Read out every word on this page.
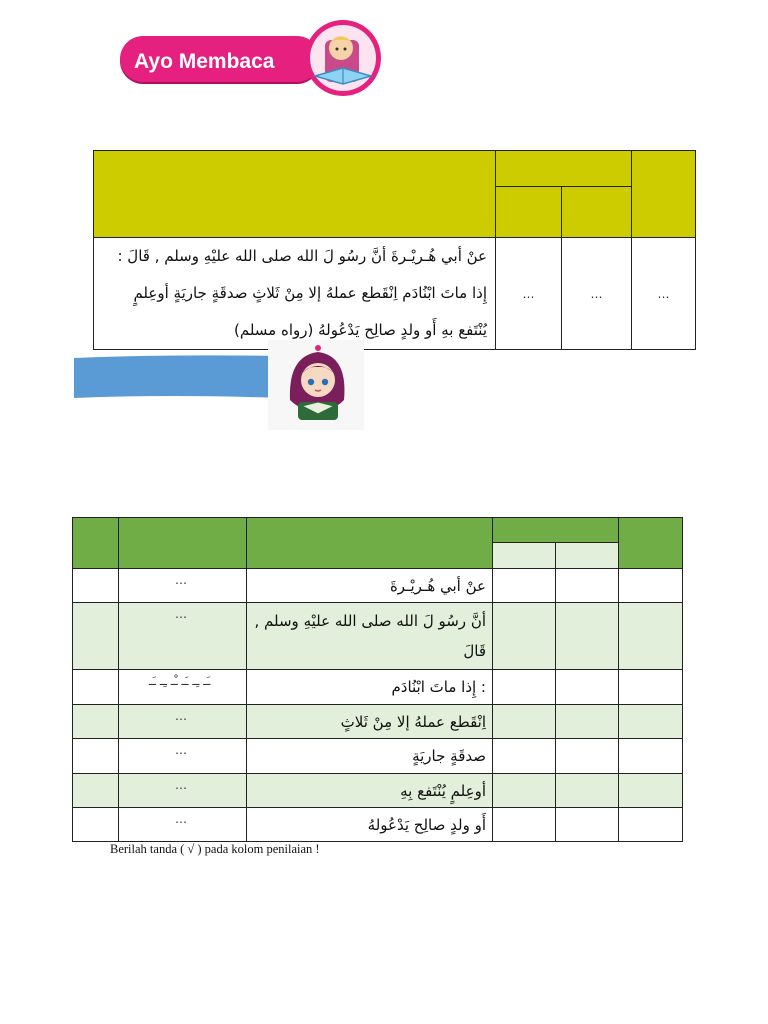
Ayo Membaca

عنْ أبي هُـريْـرةَ أنَّ رسُو لَ الله صلى الله عليْهِ وسلم , قَالَ :
إِذا ماتَ ابْنُادَم اِنْقَطع عملهُ إلا مِنْ ثَلاثٍ صدقَةٍ جاريَةٍ أوعِلمٍ
يُنْتَفع بهِ أَو ولدٍ صالِح يَدْعُولهُ (رواه مسلم)	…	…	…

	…	عنْ أبي هُـريْـرةَ			
	…	أنَّ رسُو لَ الله صلى الله عليْهِ وسلم ,
قَالَ			

	ـَـ ـِـ ـَـ ـْـ ـِـ ـَـ	: إِذا ماتَ ابْنُادَم			
	…	اِنْقَطع عملهُ إلا مِنْ ثَلاثٍ			
	…	صدقَةٍ جاريَةٍ			
	…	أوعِلمٍ يُنْتَفع بِهِ			
	…	أَو ولدٍ صالِح يَدْعُولهُ			
Berilah tanda ( √ ) pada kolom penilaian !
